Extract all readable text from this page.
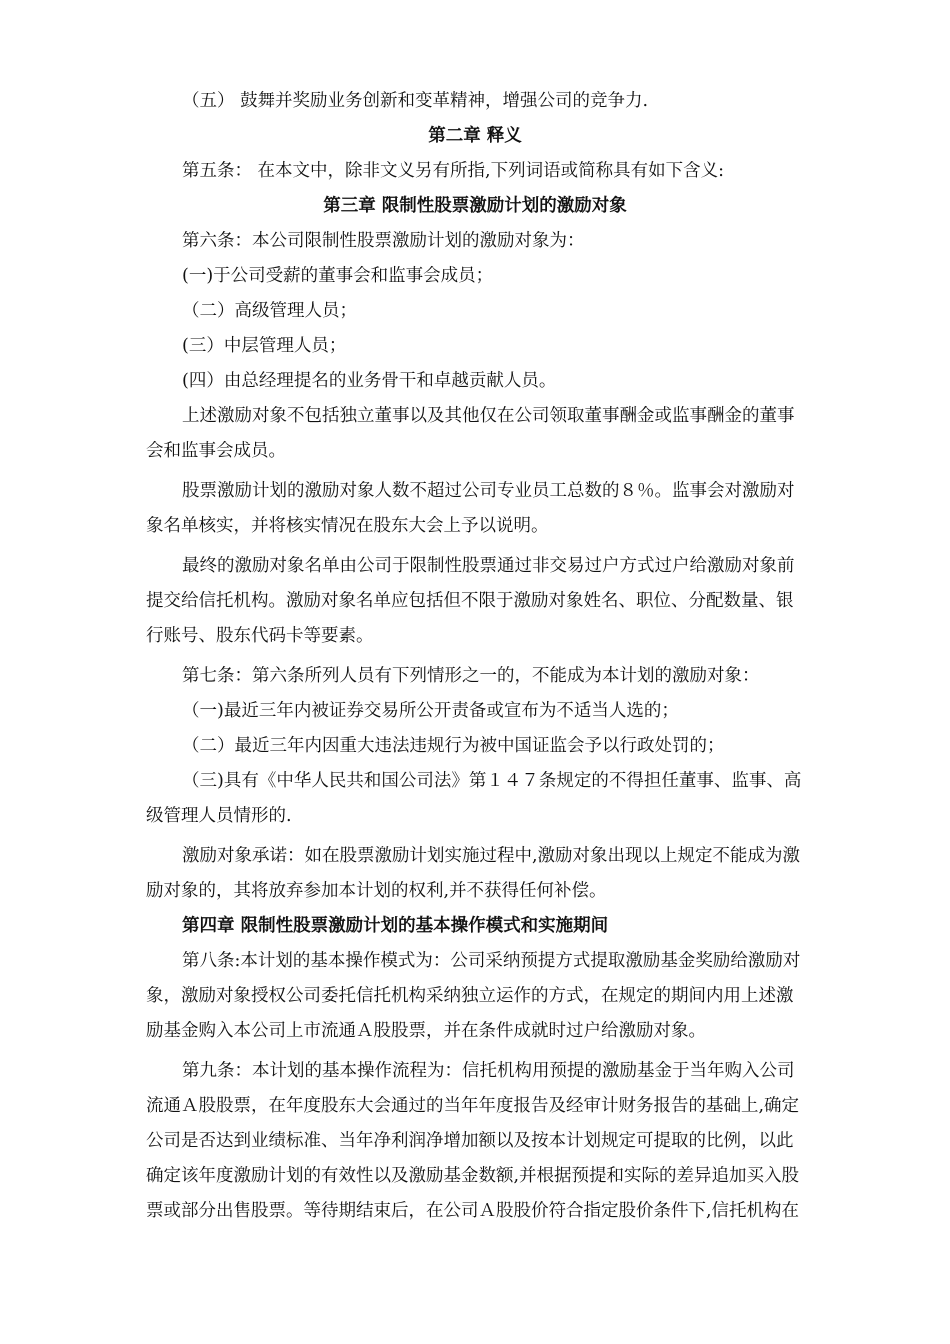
（五） 鼓舞并奖励业务创新和变革精神，增强公司的竞争力.
第二章 释义
第五条： 在本文中，除非文义另有所指,下列词语或简称具有如下含义:
第三章 限制性股票激励计划的激励对象
第六条：本公司限制性股票激励计划的激励对象为：
(一)于公司受薪的董事会和监事会成员；
（二）高级管理人员；
(三）中层管理人员；
(四）由总经理提名的业务骨干和卓越贡献人员。
上述激励对象不包括独立董事以及其他仅在公司领取董事酬金或监事酬金的董事
会和监事会成员。
股票激励计划的激励对象人数不超过公司专业员工总数的８％。监事会对激励对
象名单核实，并将核实情况在股东大会上予以说明。
最终的激励对象名单由公司于限制性股票通过非交易过户方式过户给激励对象前
提交给信托机构。激励对象名单应包括但不限于激励对象姓名、职位、分配数量、银
行账号、股东代码卡等要素。
第七条：第六条所列人员有下列情形之一的，不能成为本计划的激励对象：
（一)最近三年内被证券交易所公开责备或宣布为不适当人选的；
（二）最近三年内因重大违法违规行为被中国证监会予以行政处罚的；
（三)具有《中华人民共和国公司法》第１４７条规定的不得担任董事、监事、高
级管理人员情形的.
激励对象承诺：如在股票激励计划实施过程中,激励对象出现以上规定不能成为激
励对象的，其将放弃参加本计划的权利,并不获得任何补偿。
第四章 限制性股票激励计划的基本操作模式和实施期间
第八条:本计划的基本操作模式为：公司采纳预提方式提取激励基金奖励给激励对
象，激励对象授权公司委托信托机构采纳独立运作的方式，在规定的期间内用上述激
励基金购入本公司上市流通Ａ股股票，并在条件成就时过户给激励对象。
第九条：本计划的基本操作流程为：信托机构用预提的激励基金于当年购入公司
流通Ａ股股票，在年度股东大会通过的当年年度报告及经审计财务报告的基础上,确定
公司是否达到业绩标准、当年净利润净增加额以及按本计划规定可提取的比例，以此
确定该年度激励计划的有效性以及激励基金数额,并根据预提和实际的差异追加买入股
票或部分出售股票。等待期结束后，在公司Ａ股股价符合指定股价条件下,信托机构在
